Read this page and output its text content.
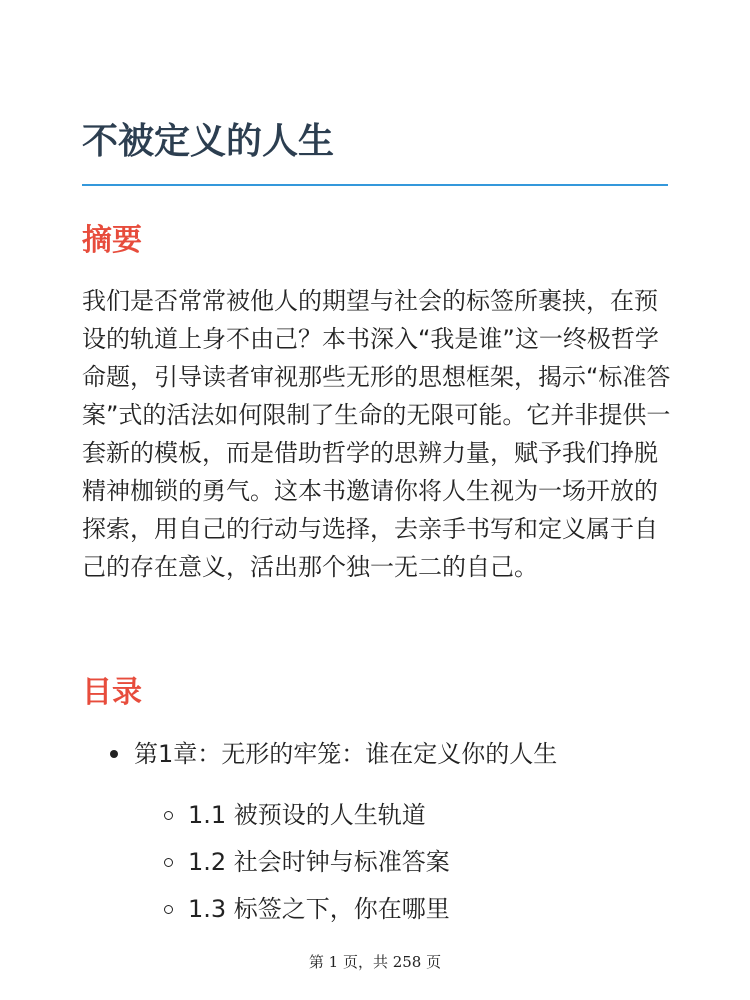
不被定义的人生
摘要

我们是否常常被他人的期望与社会的标签所裹挟，在预设的轨道上身不由己？本书深入“我是谁”这一终极哲学命题，引导读者审视那些无形的思想框架，揭示“标准答案”式的活法如何限制了生命的无限可能。它并非提供一套新的模板，而是借助哲学的思辨力量，赋予我们挣脱精神枷锁的勇气。这本书邀请你将人生视为一场开放的探索，用自己的行动与选择，去亲手书写和定义属于自己的存在意义，活出那个独一无二的自己。

目录
第1章：无形的牢笼：谁在定义你的人生
1.1 被预设的人生轨道
1.2 社会时钟与标准答案
1.3 标签之下，你在哪里
第 1 页，共 258 页
